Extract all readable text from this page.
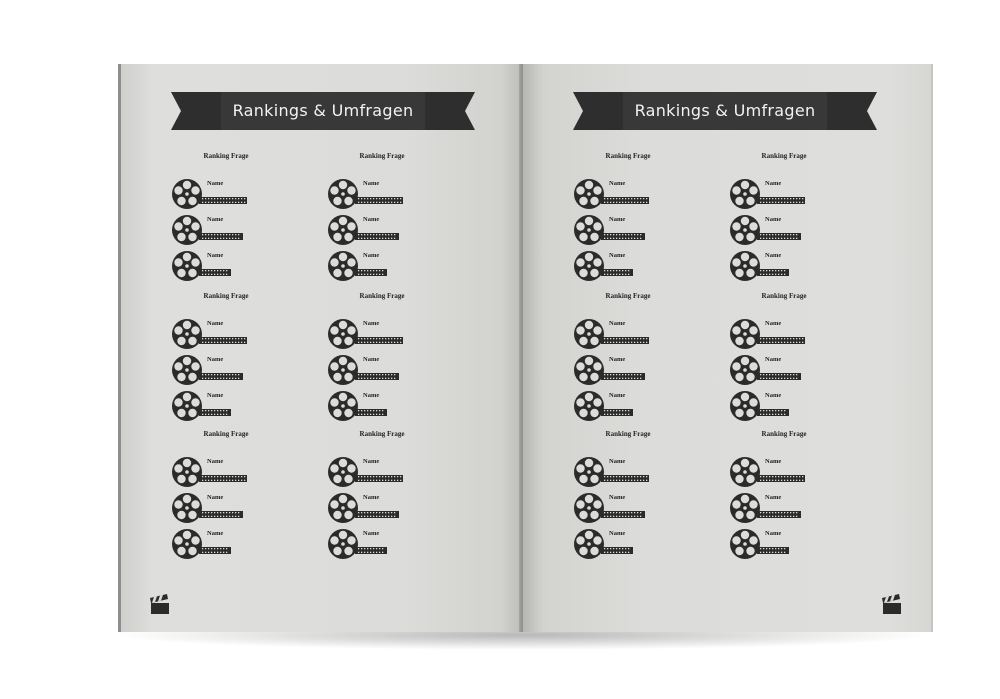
Rankings & Umfragen
Ranking Frage
Name
Name
Name
Ranking Frage
Name
Name
Name
Ranking Frage
Name
Name
Name
Ranking Frage
Name
Name
Name
Ranking Frage
Name
Name
Name
Ranking Frage
Name
Name
Name
Rankings & Umfragen
Ranking Frage
Name
Name
Name
Ranking Frage
Name
Name
Name
Ranking Frage
Name
Name
Name
Ranking Frage
Name
Name
Name
Ranking Frage
Name
Name
Name
Ranking Frage
Name
Name
Name
